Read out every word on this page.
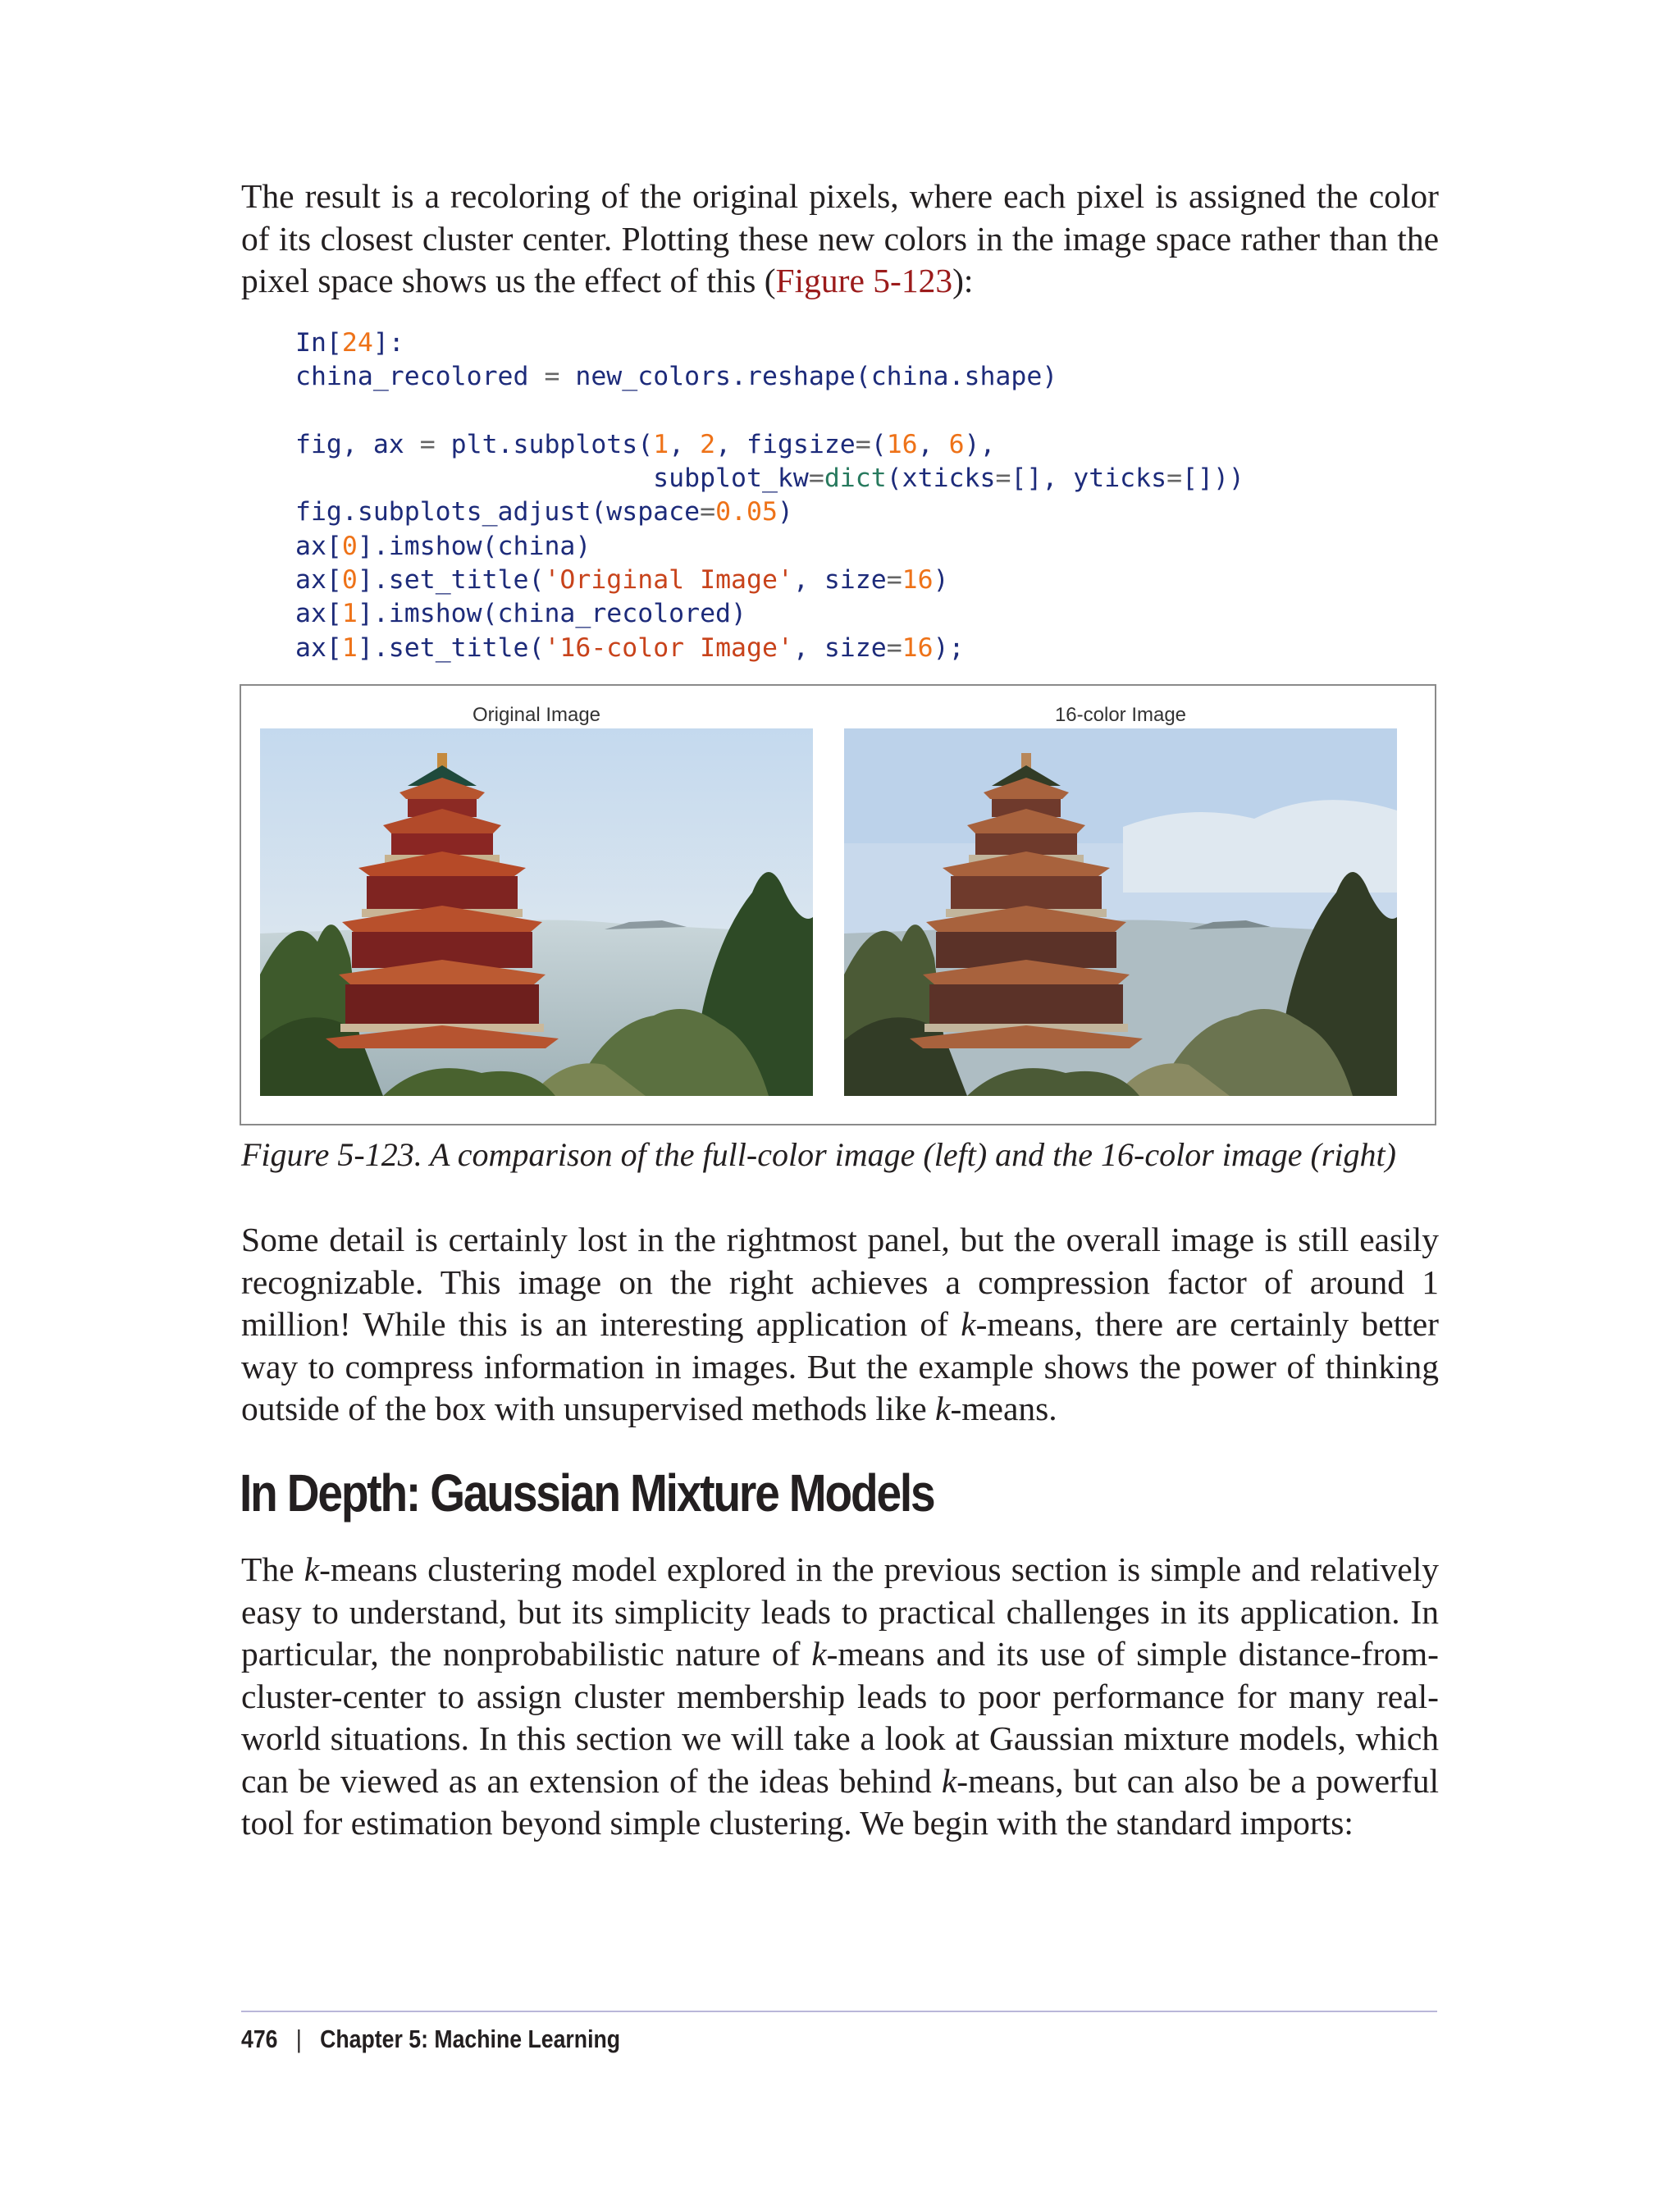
The result is a recoloring of the original pixels, where each pixel is assigned the color of its closest cluster center. Plotting these new colors in the image space rather than the pixel space shows us the effect of this (Figure 5-123):

In[24]:
china_recolored = new_colors.reshape(china.shape)

fig, ax = plt.subplots(1, 2, figsize=(16, 6),
subplot_kw=dict(xticks=[], yticks=[]))
fig.subplots_adjust(wspace=0.05)
ax[0].imshow(china)
ax[0].set_title('Original Image', size=16)
ax[1].imshow(china_recolored)
ax[1].set_title('16-color Image', size=16);
Original Image	16-color Image

Figure 5-123. A comparison of the full-color image (left) and the 16-color image (right)

Some detail is certainly lost in the rightmost panel, but the overall image is still easily recognizable. This image on the right achieves a compression factor of around 1 million! While this is an interesting application of k-means, there are certainly better way to compress information in images. But the example shows the power of thinking outside of the box with unsupervised methods like k-means.

In Depth: Gaussian Mixture Models

The k-means clustering model explored in the previous section is simple and relatively easy to understand, but its simplicity leads to practical challenges in its application. In particular, the nonprobabilistic nature of k-means and its use of simple distance-from-cluster-center to assign cluster membership leads to poor performance for many real-world situations. In this section we will take a look at Gaussian mixture models, which can be viewed as an extension of the ideas behind k-means, but can also be a powerful tool for estimation beyond simple clustering. We begin with the standard imports:

476 | Chapter 5: Machine Learning
